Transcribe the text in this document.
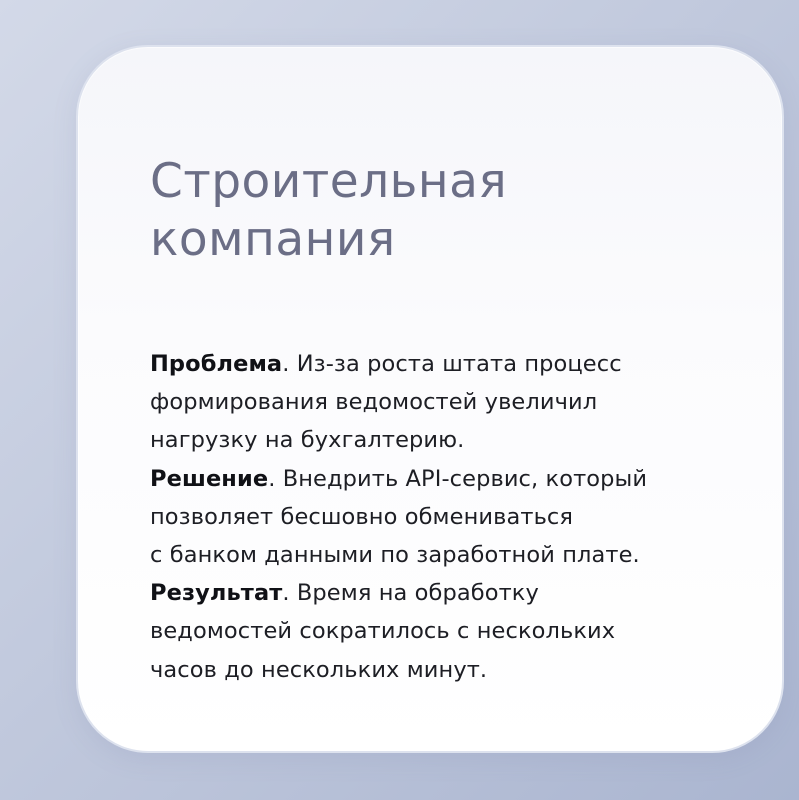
Строительная
компания
Проблема. Из-за роста штата процесс
формирования ведомостей увеличил
нагрузку на бухгалтерию.
Решение. Внедрить API-сервис, который
позволяет бесшовно обмениваться
с банком данными по заработной плате.
Результат. Время на обработку
ведомостей сократилось с нескольких
часов до нескольких минут.
